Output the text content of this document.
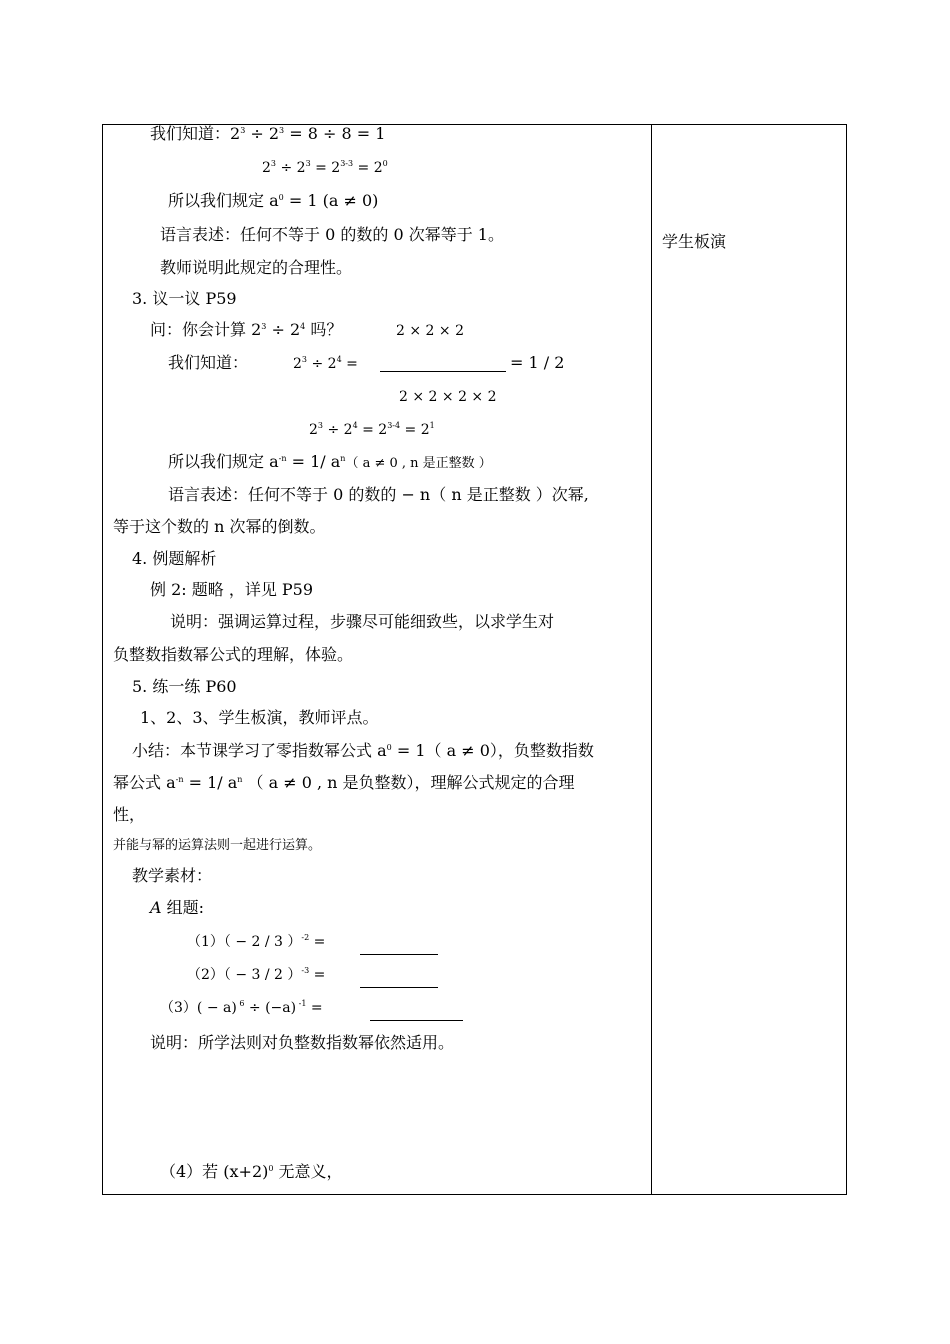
我们知道：$2^3 \div 2^3 = 8 \div 8 = 1$
$2^3 \div 2^3 = 2^{3-3} = 2^0$
所以我们规定 $a^0 = 1$ (a ≠ 0)
语言表述：任何不等于 0 的数的 0 次幂等于 1。
教师说明此规定的合理性。
3. 议一议 P59
问：你会计算 $2^3 \div 2^4$ 吗？	2 × 2 × 2
我们知道：	$2^3 \div 2^4$ =	= 1 / 2
2 × 2 × 2 × 2
$2^3 \div 2^4 = 2^{3-4} = 2^1$
所以我们规定 $a^{-n} = 1/$ $a^n$（ a ≠ 0 , n 是正整数 ）
语言表述：任何不等于 0 的数的 − n（ n 是正整数 ）次幂,
等于这个数的 n 次幂的倒数。
4. 例题解析
例 2: 题略 ，详见 P59
说明：强调运算过程，步骤尽可能细致些，以求学生对
负整数指数幂公式的理解，体验。
5. 练一练 P60
1、2、3、学生板演，教师评点。
小结：本节课学习了零指数幂公式 $a^0 = 1$（ a ≠ 0），负整数指数
幂公式 $a^{-n} = 1/$ $a^n$ （ a ≠ 0 , n 是负整数），理解公式规定的合理
性，
并能与幂的运算法则一起进行运算。
教学素材：
A 组题:
（1）（ − 2 / 3 ）$^{-2}$ =
（2）（ − 3 / 2 ）$^{-3}$ =
（3）( − a) $^6$ ÷ (−a) $^{-1}$ =
说明：所学法则对负整数指数幂依然适用。
（4）若 $(x+2)^0$ 无意义，
学生板演
